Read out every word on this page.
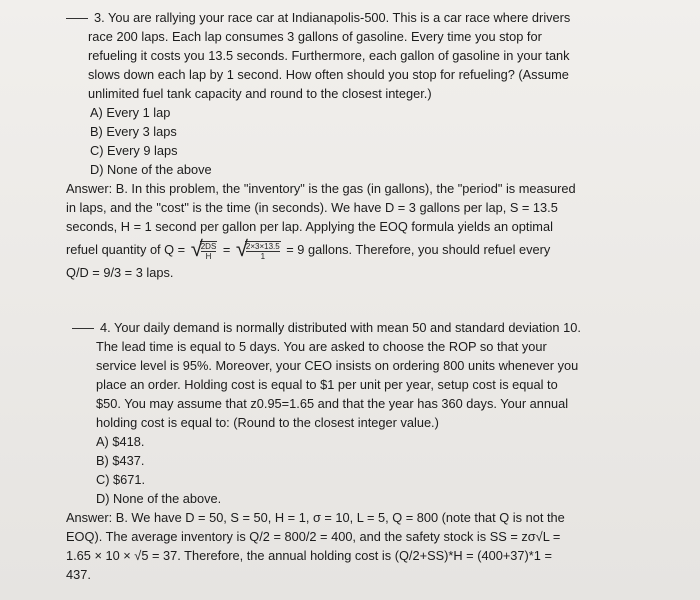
3. You are rallying your race car at Indianapolis-500. This is a car race where drivers
race 200 laps. Each lap consumes 3 gallons of gasoline. Every time you stop for
refueling it costs you 13.5 seconds. Furthermore, each gallon of gasoline in your tank
slows down each lap by 1 second. How often should you stop for refueling? (Assume
unlimited fuel tank capacity and round to the closest integer.)
A) Every 1 lap
B) Every 3 laps
C) Every 9 laps
D) None of the above
Answer: B. In this problem, the "inventory" is the gas (in gallons), the "period" is measured
in laps, and the "cost" is the time (in seconds). We have D = 3 gallons per lap, S = 13.5
seconds, H = 1 second per gallon per lap. Applying the EOQ formula yields an optimal
refuel quantity of Q = √
$\frac{2DS}{H}$ = √
$\frac{2\times 3\times 13.5}{1} = 9$ gallons. Therefore, you should refuel every
Q/D = 9/3 = 3 laps.
4. Your daily demand is normally distributed with mean 50 and standard deviation 10.
The lead time is equal to 5 days. You are asked to choose the ROP so that your
service level is 95%. Moreover, your CEO insists on ordering 800 units whenever you
place an order. Holding cost is equal to $1 per unit per year, setup cost is equal to
$50. You may assume that z0.95=1.65 and that the year has 360 days. Your annual
holding cost is equal to: (Round to the closest integer value.)
A) $418.
B) $437.
C) $671.
D) None of the above.
Answer: B. We have D = 50, S = 50, H = 1, σ = 10, L = 5, Q = 800 (note that Q is not the
EOQ). The average inventory is Q/2 = 800/2 = 400, and the safety stock is SS = zσ√L =
1.65 × 10 × √5 = 37. Therefore, the annual holding cost is (Q/2+SS)*H = (400+37)*1 =
437.
